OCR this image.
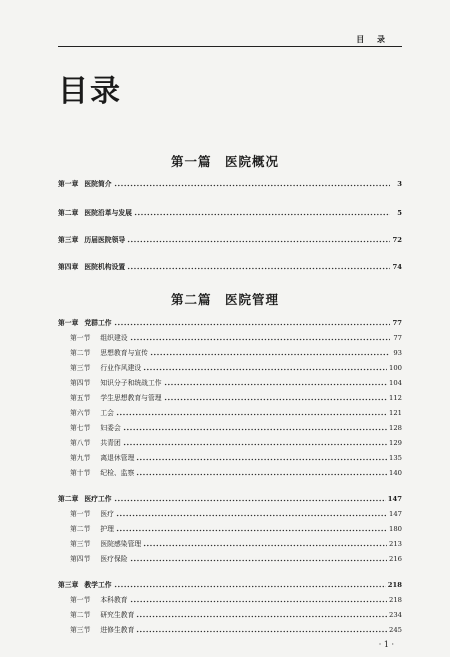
目 录
目录
第一篇　医院概况
第一章 医院简介	3
第二章 医院沿革与发展	5
第三章 历届医院领导	72
第四章 医院机构设置	74
第二篇　医院管理
第一章 党群工作	77
第一节 组织建设	77
第二节 思想教育与宣传	93
第三节 行业作风建设	100
第四节 知识分子和统战工作	104
第五节 学生思想教育与管理	112
第六节 工会	121
第七节 妇委会	128
第八节 共青团	129
第九节 离退休管理	135
第十节 纪检、监察	140
第二章 医疗工作	147
第一节 医疗	147
第二节 护理	180
第三节 医院感染管理	213
第四节 医疗保险	216
第三章 教学工作	218
第一节 本科教育	218
第二节 研究生教育	234
第三节 进修生教育	245
· 1 ·
